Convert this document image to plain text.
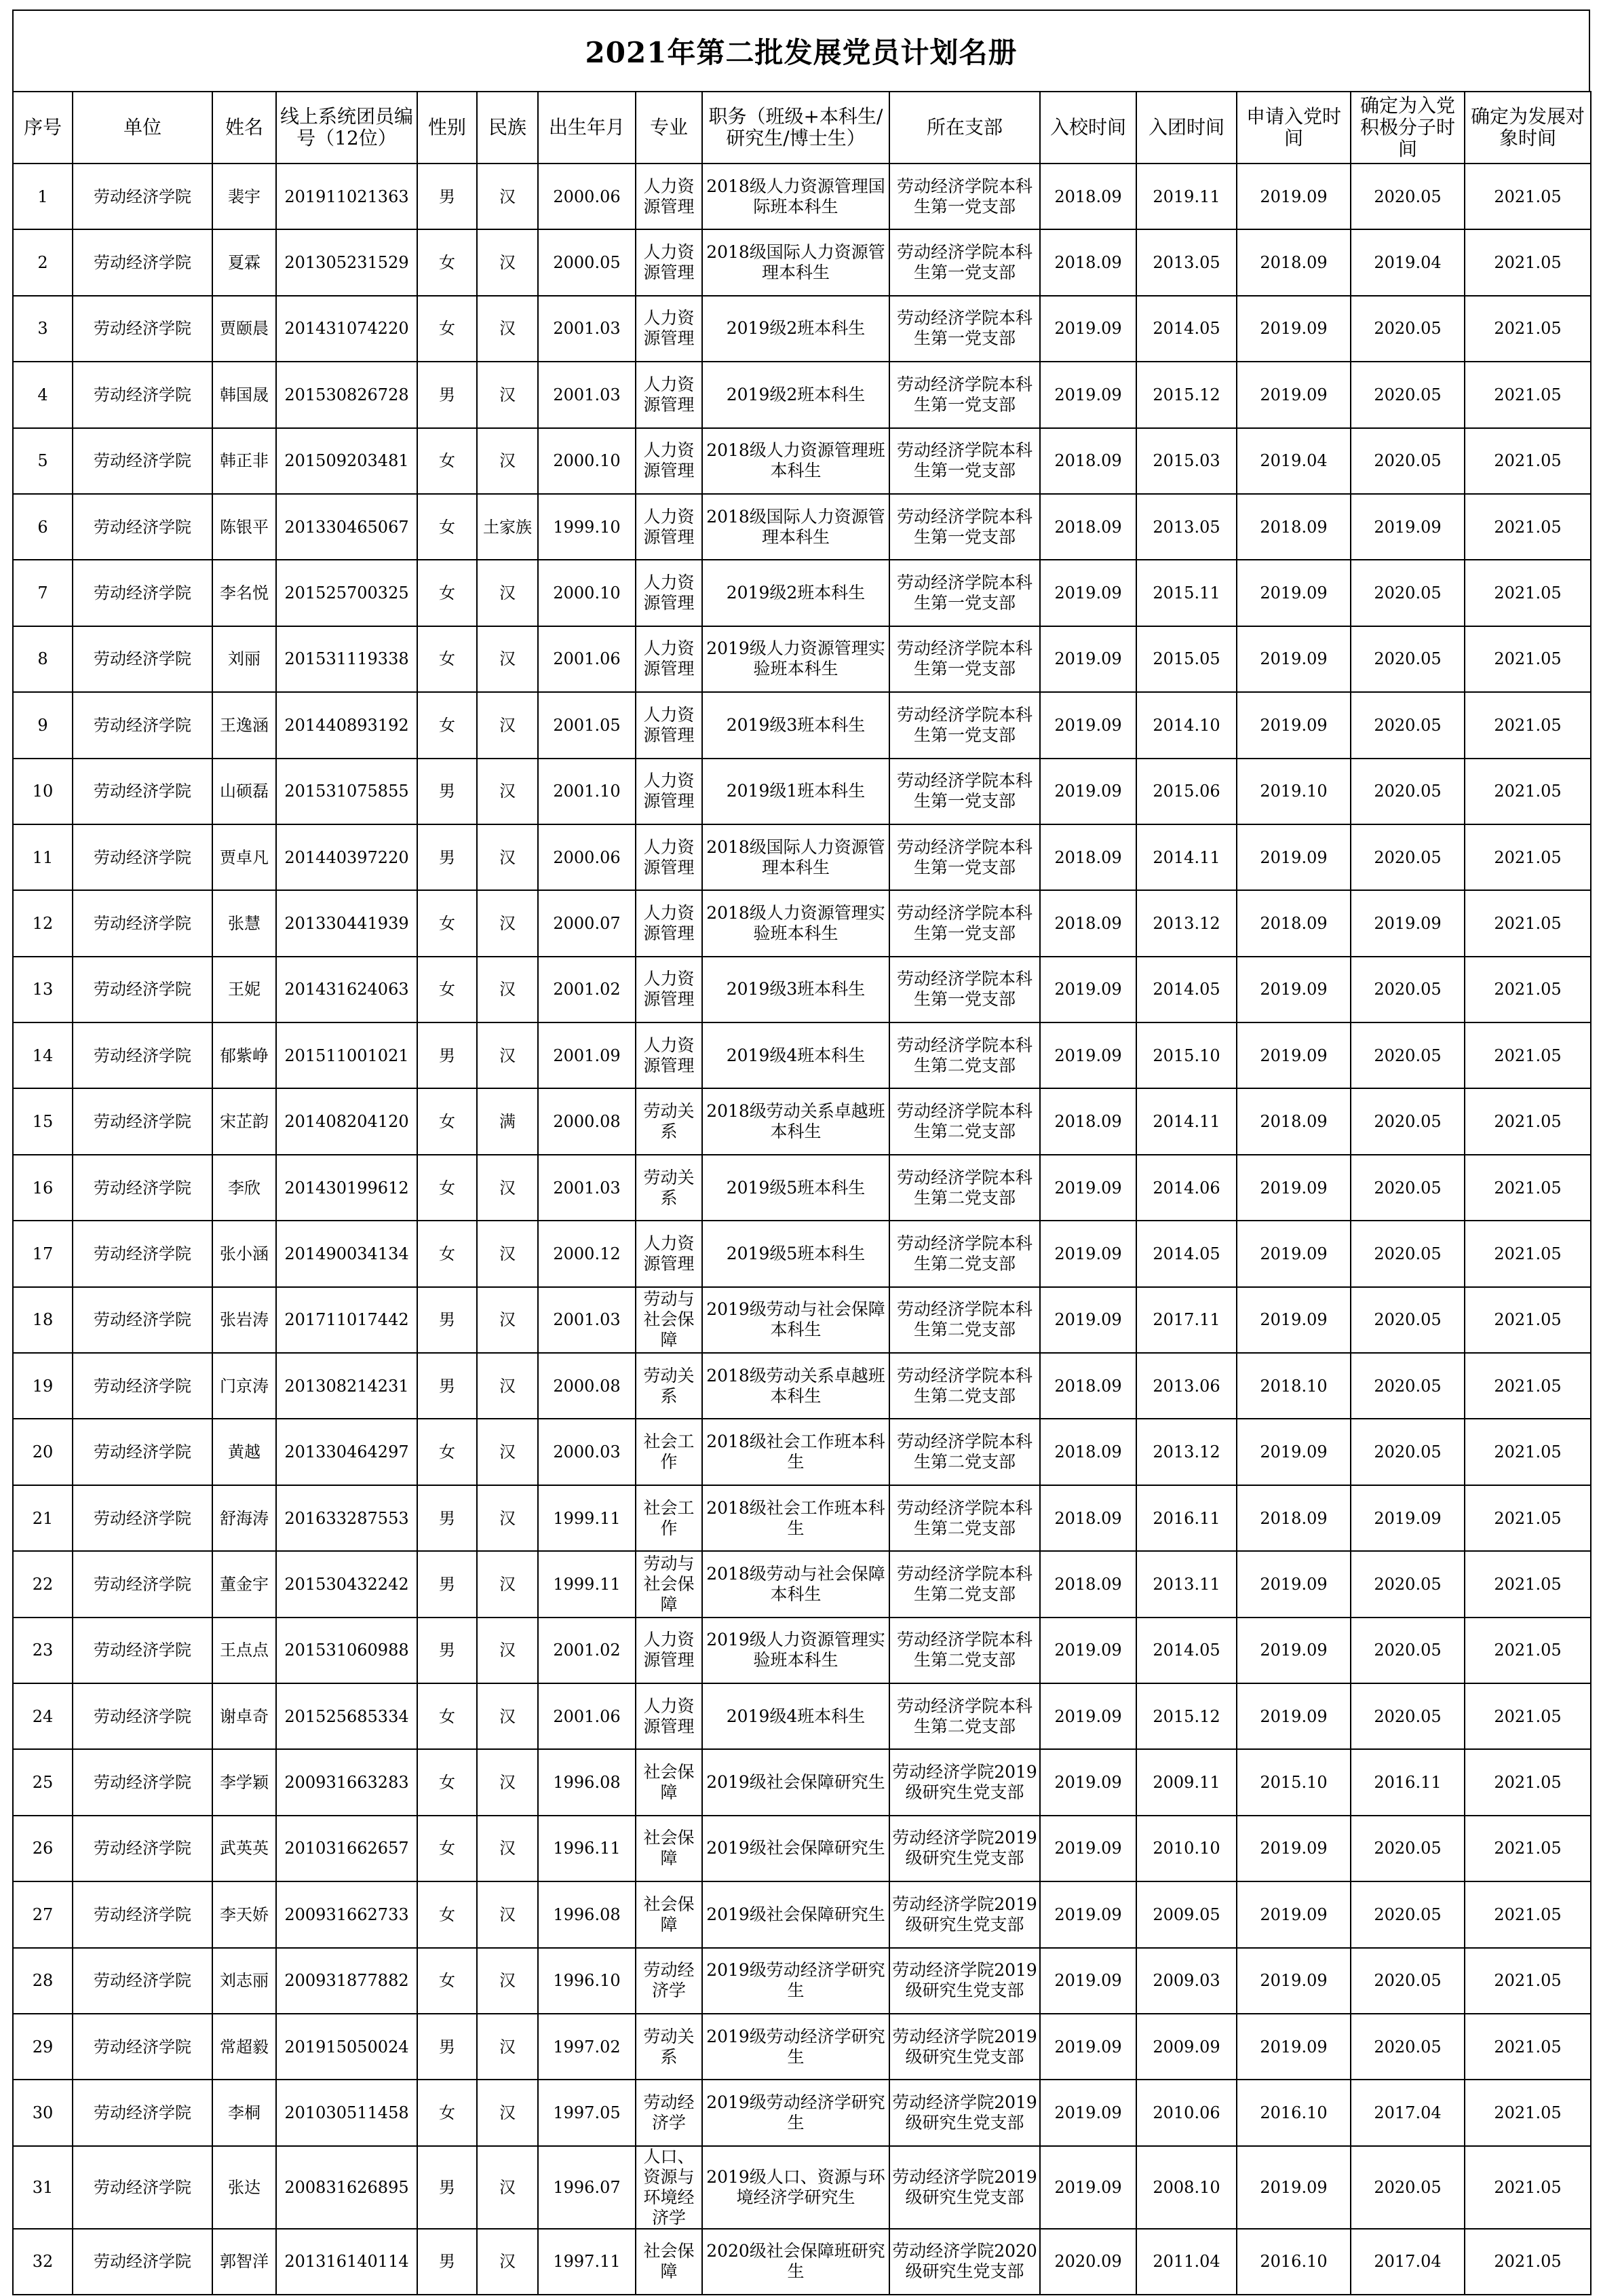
2021年第二批发展党员计划名册
序号	单位	姓名	线上系统团员编号（12位）	性别	民族	出生年月	专业	职务（班级+本科生/研究生/博士生）	所在支部	入校时间	入团时间	申请入党时间	确定为入党积极分子时间	确定为发展对象时间
1	劳动经济学院	裴宇	201911021363	男	汉	2000.06	人力资源管理	2018级人力资源管理国际班本科生	劳动经济学院本科生第一党支部	2018.09	2019.11	2019.09	2020.05	2021.05
2	劳动经济学院	夏霖	201305231529	女	汉	2000.05	人力资源管理	2018级国际人力资源管理本科生	劳动经济学院本科生第一党支部	2018.09	2013.05	2018.09	2019.04	2021.05
3	劳动经济学院	贾颐晨	201431074220	女	汉	2001.03	人力资源管理	2019级2班本科生	劳动经济学院本科生第一党支部	2019.09	2014.05	2019.09	2020.05	2021.05
4	劳动经济学院	韩国晟	201530826728	男	汉	2001.03	人力资源管理	2019级2班本科生	劳动经济学院本科生第一党支部	2019.09	2015.12	2019.09	2020.05	2021.05
5	劳动经济学院	韩正非	201509203481	女	汉	2000.10	人力资源管理	2018级人力资源管理班本科生	劳动经济学院本科生第一党支部	2018.09	2015.03	2019.04	2020.05	2021.05
6	劳动经济学院	陈银平	201330465067	女	土家族	1999.10	人力资源管理	2018级国际人力资源管理本科生	劳动经济学院本科生第一党支部	2018.09	2013.05	2018.09	2019.09	2021.05
7	劳动经济学院	李名悦	201525700325	女	汉	2000.10	人力资源管理	2019级2班本科生	劳动经济学院本科生第一党支部	2019.09	2015.11	2019.09	2020.05	2021.05
8	劳动经济学院	刘丽	201531119338	女	汉	2001.06	人力资源管理	2019级人力资源管理实验班本科生	劳动经济学院本科生第一党支部	2019.09	2015.05	2019.09	2020.05	2021.05
9	劳动经济学院	王逸涵	201440893192	女	汉	2001.05	人力资源管理	2019级3班本科生	劳动经济学院本科生第一党支部	2019.09	2014.10	2019.09	2020.05	2021.05
10	劳动经济学院	山硕磊	201531075855	男	汉	2001.10	人力资源管理	2019级1班本科生	劳动经济学院本科生第一党支部	2019.09	2015.06	2019.10	2020.05	2021.05
11	劳动经济学院	贾卓凡	201440397220	男	汉	2000.06	人力资源管理	2018级国际人力资源管理本科生	劳动经济学院本科生第一党支部	2018.09	2014.11	2019.09	2020.05	2021.05
12	劳动经济学院	张慧	201330441939	女	汉	2000.07	人力资源管理	2018级人力资源管理实验班本科生	劳动经济学院本科生第一党支部	2018.09	2013.12	2018.09	2019.09	2021.05
13	劳动经济学院	王妮	201431624063	女	汉	2001.02	人力资源管理	2019级3班本科生	劳动经济学院本科生第一党支部	2019.09	2014.05	2019.09	2020.05	2021.05
14	劳动经济学院	郁紫峥	201511001021	男	汉	2001.09	人力资源管理	2019级4班本科生	劳动经济学院本科生第二党支部	2019.09	2015.10	2019.09	2020.05	2021.05
15	劳动经济学院	宋芷韵	201408204120	女	满	2000.08	劳动关系	2018级劳动关系卓越班本科生	劳动经济学院本科生第二党支部	2018.09	2014.11	2018.09	2020.05	2021.05
16	劳动经济学院	李欣	201430199612	女	汉	2001.03	劳动关系	2019级5班本科生	劳动经济学院本科生第二党支部	2019.09	2014.06	2019.09	2020.05	2021.05
17	劳动经济学院	张小涵	201490034134	女	汉	2000.12	人力资源管理	2019级5班本科生	劳动经济学院本科生第二党支部	2019.09	2014.05	2019.09	2020.05	2021.05
18	劳动经济学院	张岩涛	201711017442	男	汉	2001.03	劳动与社会保障	2019级劳动与社会保障本科生	劳动经济学院本科生第二党支部	2019.09	2017.11	2019.09	2020.05	2021.05
19	劳动经济学院	门京涛	201308214231	男	汉	2000.08	劳动关系	2018级劳动关系卓越班本科生	劳动经济学院本科生第二党支部	2018.09	2013.06	2018.10	2020.05	2021.05
20	劳动经济学院	黄越	201330464297	女	汉	2000.03	社会工作	2018级社会工作班本科生	劳动经济学院本科生第二党支部	2018.09	2013.12	2019.09	2020.05	2021.05
21	劳动经济学院	舒海涛	201633287553	男	汉	1999.11	社会工作	2018级社会工作班本科生	劳动经济学院本科生第二党支部	2018.09	2016.11	2018.09	2019.09	2021.05
22	劳动经济学院	董金宇	201530432242	男	汉	1999.11	劳动与社会保障	2018级劳动与社会保障本科生	劳动经济学院本科生第二党支部	2018.09	2013.11	2019.09	2020.05	2021.05
23	劳动经济学院	王点点	201531060988	男	汉	2001.02	人力资源管理	2019级人力资源管理实验班本科生	劳动经济学院本科生第二党支部	2019.09	2014.05	2019.09	2020.05	2021.05
24	劳动经济学院	谢卓奇	201525685334	女	汉	2001.06	人力资源管理	2019级4班本科生	劳动经济学院本科生第二党支部	2019.09	2015.12	2019.09	2020.05	2021.05
25	劳动经济学院	李学颖	200931663283	女	汉	1996.08	社会保障	2019级社会保障研究生	劳动经济学院2019级研究生党支部	2019.09	2009.11	2015.10	2016.11	2021.05
26	劳动经济学院	武英英	201031662657	女	汉	1996.11	社会保障	2019级社会保障研究生	劳动经济学院2019级研究生党支部	2019.09	2010.10	2019.09	2020.05	2021.05
27	劳动经济学院	李天娇	200931662733	女	汉	1996.08	社会保障	2019级社会保障研究生	劳动经济学院2019级研究生党支部	2019.09	2009.05	2019.09	2020.05	2021.05
28	劳动经济学院	刘志丽	200931877882	女	汉	1996.10	劳动经济学	2019级劳动经济学研究生	劳动经济学院2019级研究生党支部	2019.09	2009.03	2019.09	2020.05	2021.05
29	劳动经济学院	常超毅	201915050024	男	汉	1997.02	劳动关系	2019级劳动经济学研究生	劳动经济学院2019级研究生党支部	2019.09	2009.09	2019.09	2020.05	2021.05
30	劳动经济学院	李桐	201030511458	女	汉	1997.05	劳动经济学	2019级劳动经济学研究生	劳动经济学院2019级研究生党支部	2019.09	2010.06	2016.10	2017.04	2021.05
31	劳动经济学院	张达	200831626895	男	汉	1996.07	人口、资源与环境经济学	2019级人口、资源与环境经济学研究生	劳动经济学院2019级研究生党支部	2019.09	2008.10	2019.09	2020.05	2021.05
32	劳动经济学院	郭智洋	201316140114	男	汉	1997.11	社会保障	2020级社会保障班研究生	劳动经济学院2020级研究生党支部	2020.09	2011.04	2016.10	2017.04	2021.05
